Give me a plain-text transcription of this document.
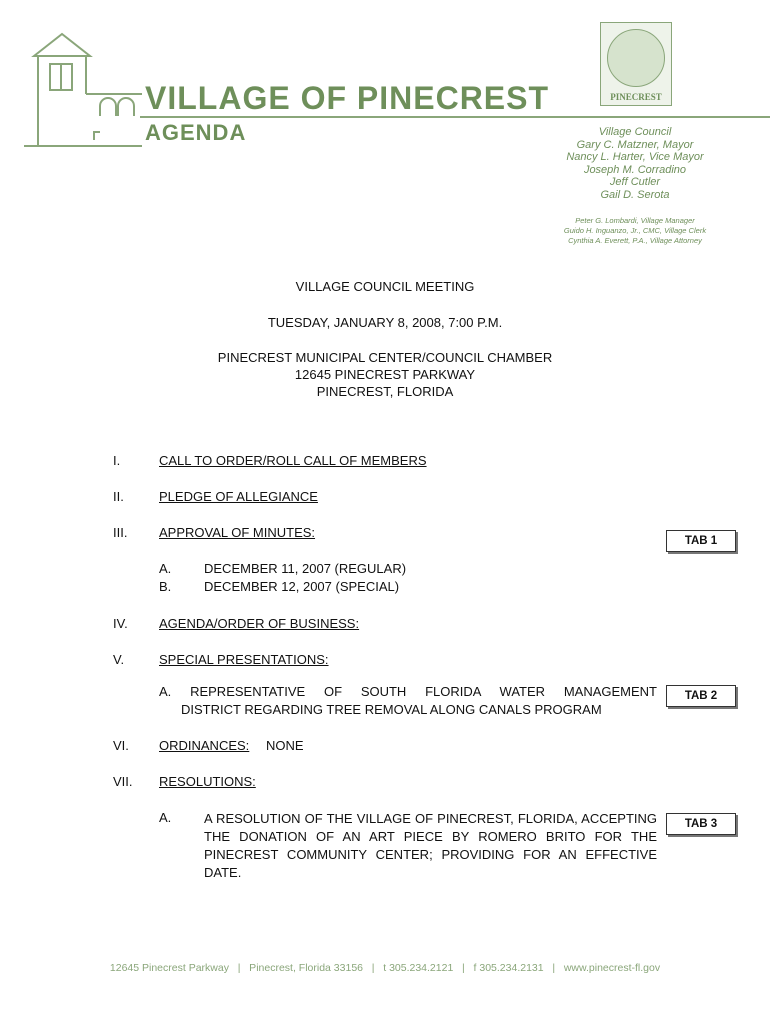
VILLAGE OF PINECREST
AGENDA
PINECREST
Village Council
Gary C. Matzner, Mayor
Nancy L. Harter, Vice Mayor
Joseph M. Corradino
Jeff Cutler
Gail D. Serota
Peter G. Lombardi, Village Manager
Guido H. Inguanzo, Jr., CMC, Village Clerk
Cynthia A. Everett, P.A., Village Attorney
VILLAGE COUNCIL MEETING
TUESDAY, JANUARY 8, 2008, 7:00 P.M.
PINECREST MUNICIPAL CENTER/COUNCIL CHAMBER
12645 PINECREST PARKWAY
PINECREST, FLORIDA
I.	CALL TO ORDER/ROLL CALL OF MEMBERS
II.	PLEDGE OF ALLEGIANCE
III. APPROVAL OF MINUTES:
TAB 1
A.	DECEMBER 11, 2007 (REGULAR)
B.	DECEMBER 12, 2007 (SPECIAL)
IV. AGENDA/ORDER OF BUSINESS:
V.	SPECIAL PRESENTATIONS:
A. REPRESENTATIVE OF SOUTH FLORIDA WATER MANAGEMENT
DISTRICT REGARDING TREE REMOVAL ALONG CANALS PROGRAM
TAB 2
VI. ORDINANCES: NONE
VII. RESOLUTIONS:
A.	A RESOLUTION OF THE VILLAGE OF PINECREST, FLORIDA, ACCEPTING THE DONATION OF AN ART PIECE BY ROMERO BRITO FOR THE PINECREST COMMUNITY CENTER; PROVIDING FOR AN EFFECTIVE DATE.
TAB 3
12645 Pinecrest Parkway   |   Pinecrest, Florida 33156   |   t 305.234.2121   |   f 305.234.2131   |   www.pinecrest-fl.gov
